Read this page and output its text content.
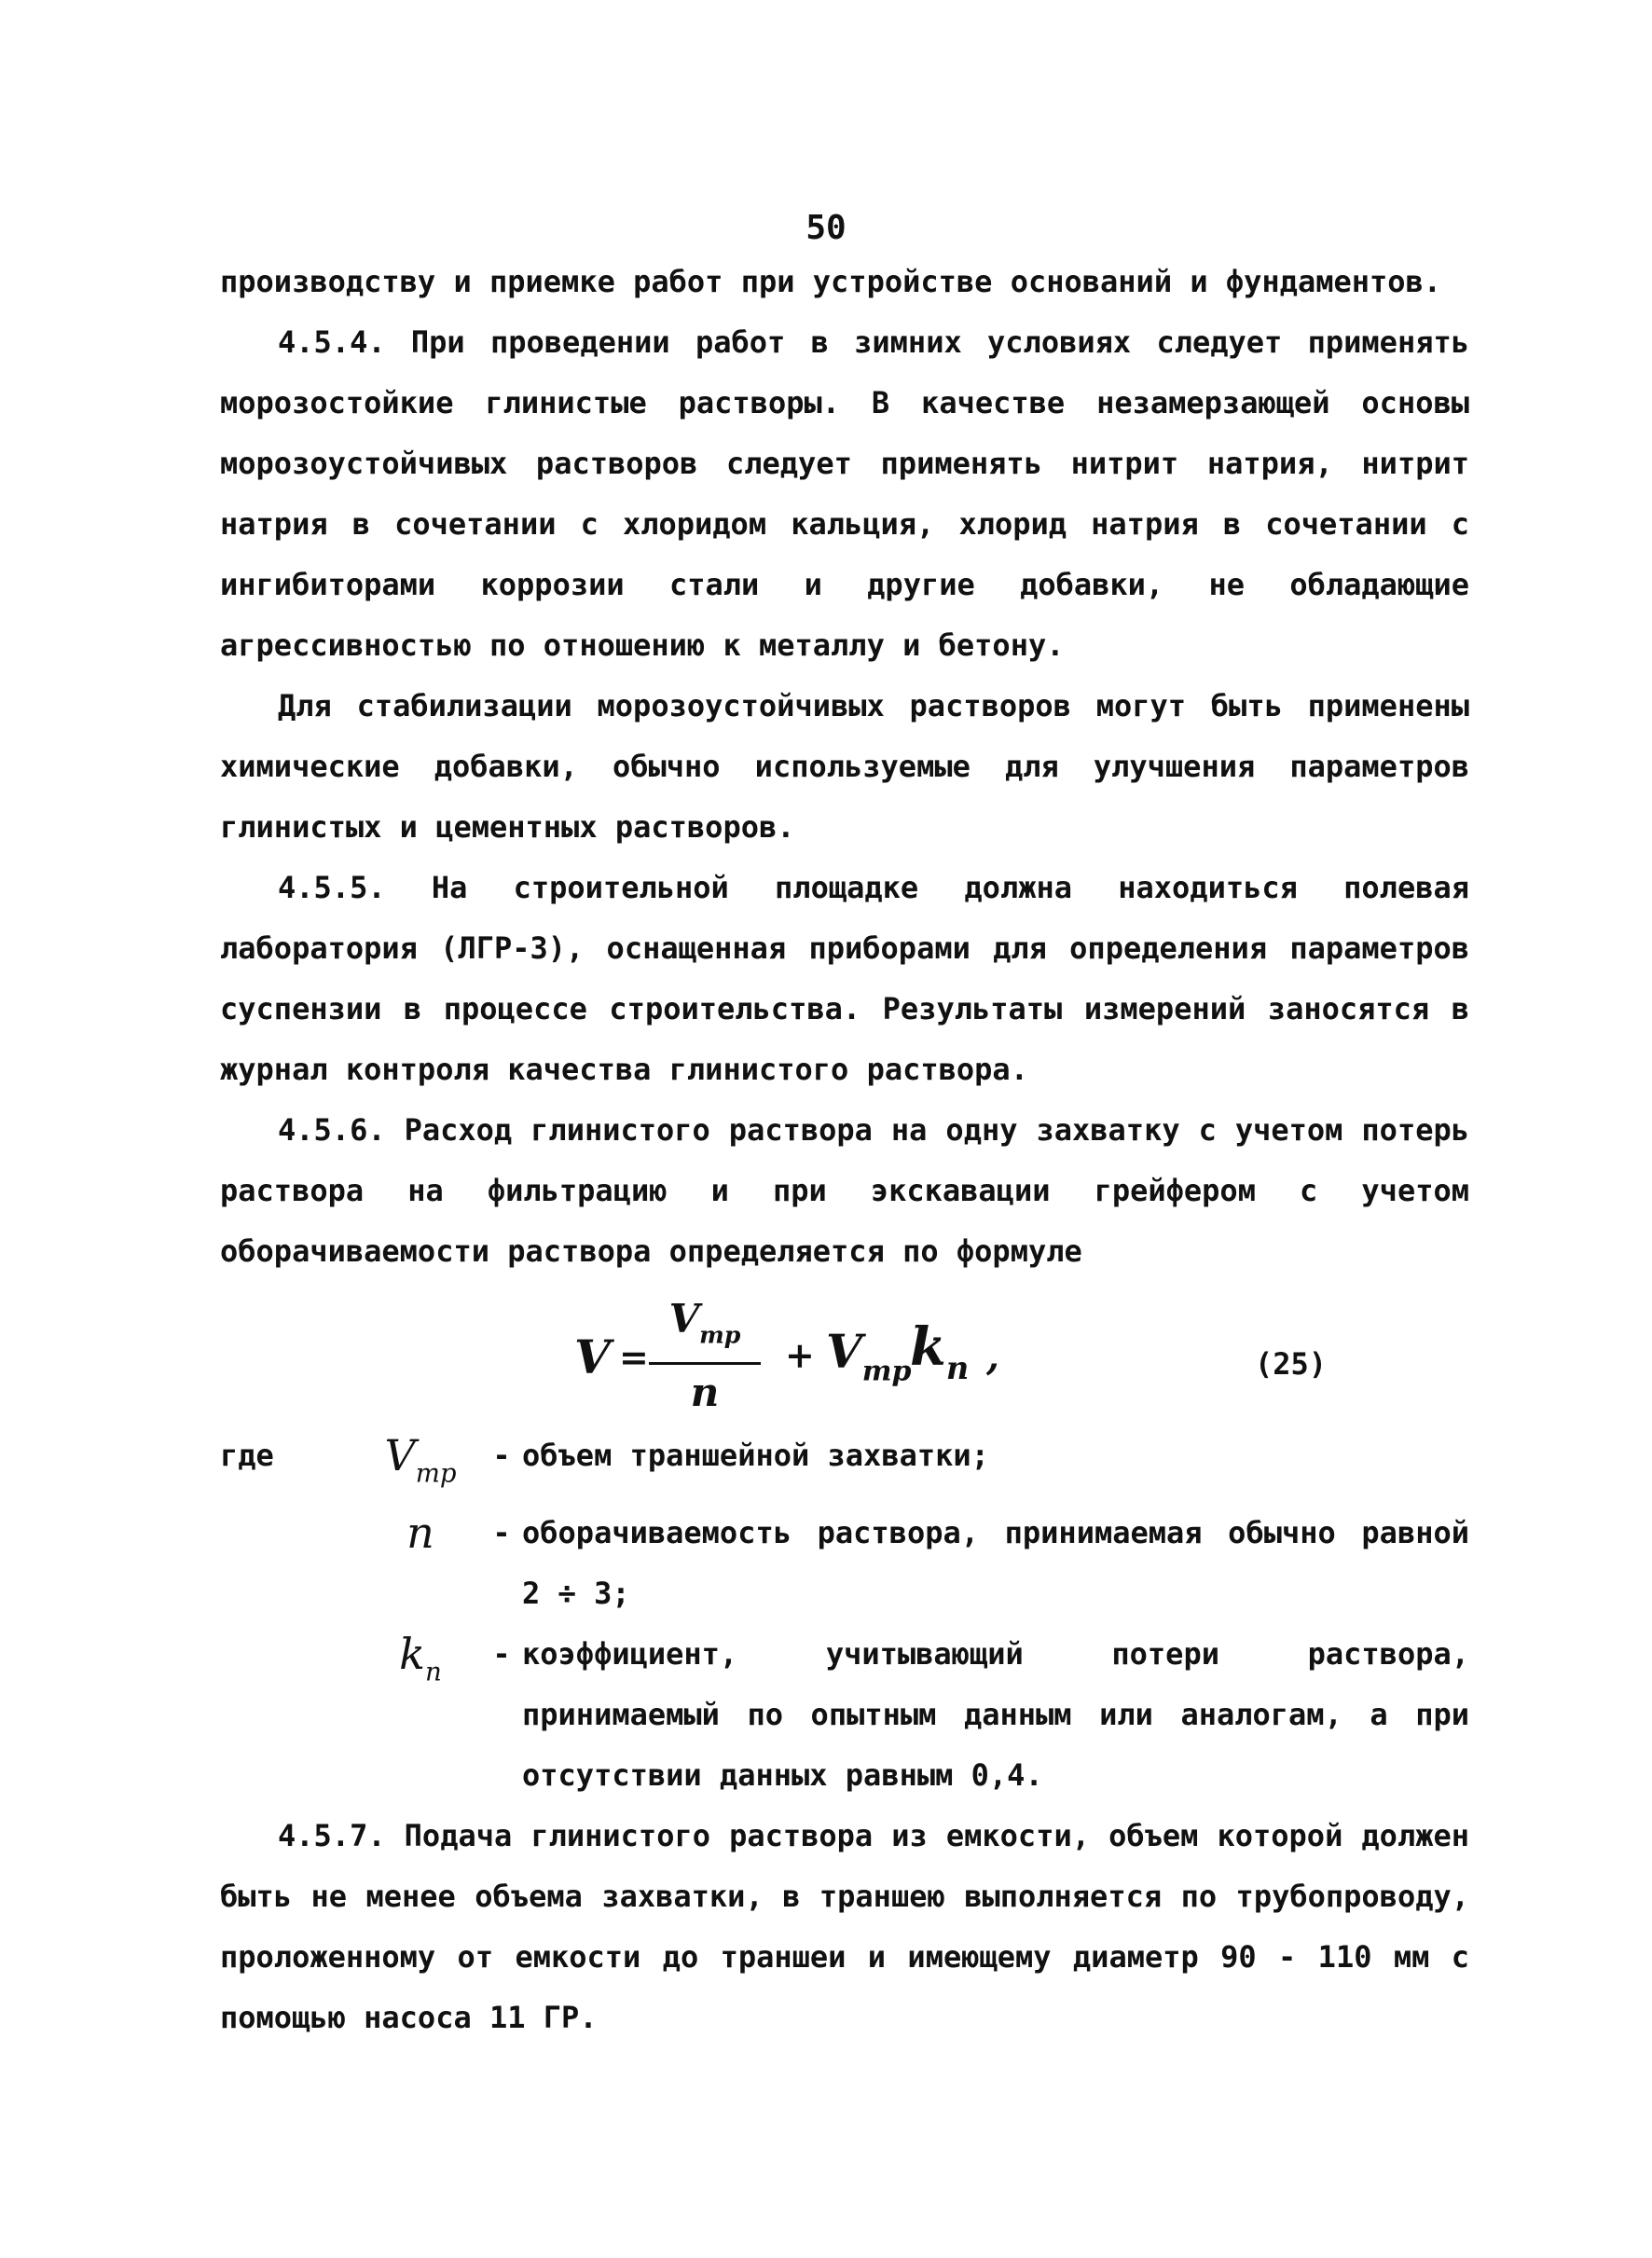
50

производству и приемке работ при устройстве оснований и фундаментов.

4.5.4. При проведении работ в зимних условиях следует применять морозостойкие глинистые растворы. В качестве незамерзающей основы морозоустойчивых растворов следует применять нитрит натрия, нитрит натрия в сочетании с хлоридом кальция, хлорид натрия в сочетании с ингибиторами коррозии стали и другие добавки, не обладающие агрессивностью по отношению к металлу и бетону.

Для стабилизации морозоустойчивых растворов могут быть применены химические добавки, обычно используемые для улучшения параметров глинистых и цементных растворов.

4.5.5. На строительной площадке должна находиться полевая лаборатория (ЛГР-3), оснащенная приборами для определения параметров суспензии в процессе строительства. Результаты измерений заносятся в журнал контроля качества глинистого раствора.

4.5.6. Расход глинистого раствора на одну захватку с учетом потерь раствора на фильтрацию и при экскавации грейфером с учетом оборачиваемости раствора определяется по формуле

V =
$V_{тр}$
n
+ $V_{тр}$
$k_п$ ,	(25)
где	$V_{тр}$	- объем траншейной захватки;
n	- оборачиваемость раствора, принимаемая обычно равной 2 ÷ 3;
$k_п$	- коэффициент, учитывающий потери раствора, принимаемый по опытным данным или аналогам, а при отсутствии данных равным 0,4.

4.5.7. Подача глинистого раствора из емкости, объем которой должен быть не менее объема захватки, в траншею выполняется по трубопроводу, проложенному от емкости до траншеи и имеющему диаметр 90 - 110 мм с помощью насоса 11 ГР.
